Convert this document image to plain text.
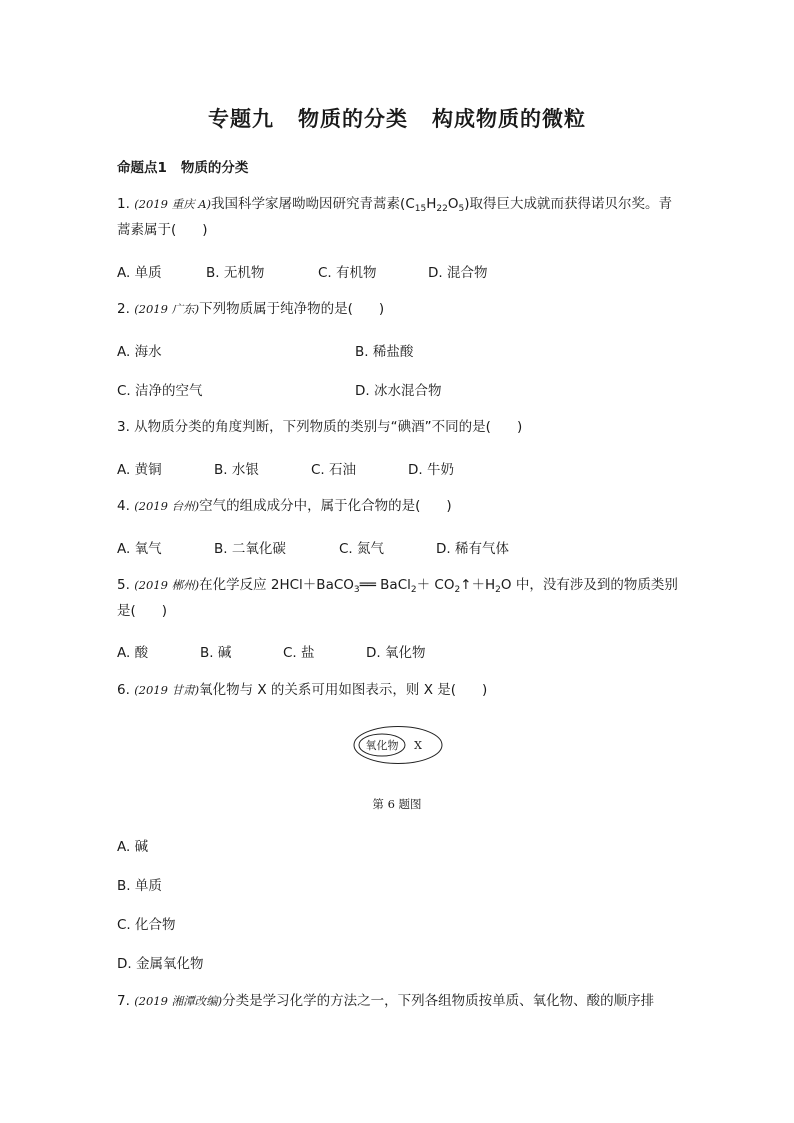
专题九 物质的分类 构成物质的微粒
命题点1 物质的分类
1. (2019 重庆 A)我国科学家屠呦呦因研究青蒿素$(C_{15}H_{22}O_5)$取得巨大成就而获得诺贝尔奖。青
蒿素属于( )
A. 单质	B. 无机物	C. 有机物	D. 混合物
2. (2019 广东)下列物质属于纯净物的是( )
A. 海水	B. 稀盐酸
C. 洁净的空气	D. 冰水混合物
3. 从物质分类的角度判断，下列物质的类别与“碘酒”不同的是( )
A. 黄铜	B. 水银	C. 石油	D. 牛奶
4. (2019 台州)空气的组成成分中，属于化合物的是( )
A. 氧气	B. 二氧化碳	C. 氮气	D. 稀有气体
5. (2019 郴州)在化学反应 2HCl＋BaCO$_3$══ BaCl$_2$＋ $CO_2↑+H_2O$ 中，没有涉及到的物质类别
是( )
A. 酸	B. 碱	C. 盐	D. 氧化物
6. (2019 甘肃)氧化物与 X 的关系可用如图表示，则 X 是( )
氧化物 X
第 6 题图
A. 碱
B. 单质
C. 化合物
D. 金属氧化物
7. (2019 湘潭改编)分类是学习化学的方法之一，下列各组物质按单质、氧化物、酸的顺序排
